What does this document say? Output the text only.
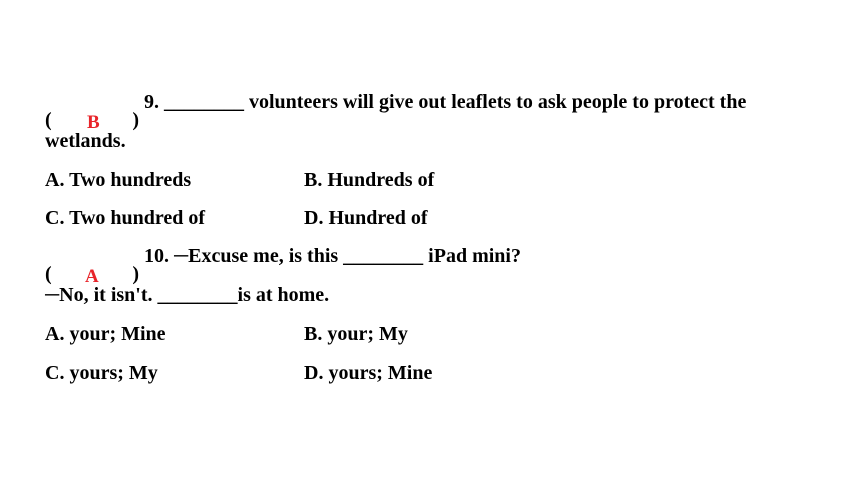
( B )
9. ________ volunteers will give out leaflets to ask people to protect the
wetlands.
A. Two hundreds	B. Hundreds of
C. Two hundred of	D. Hundred of
( A )
10. ─Excuse me, is this ________ iPad mini?
─No, it isn't. ________is at home.
A. your; Mine	B. your; My
C. yours; My	D. yours; Mine
